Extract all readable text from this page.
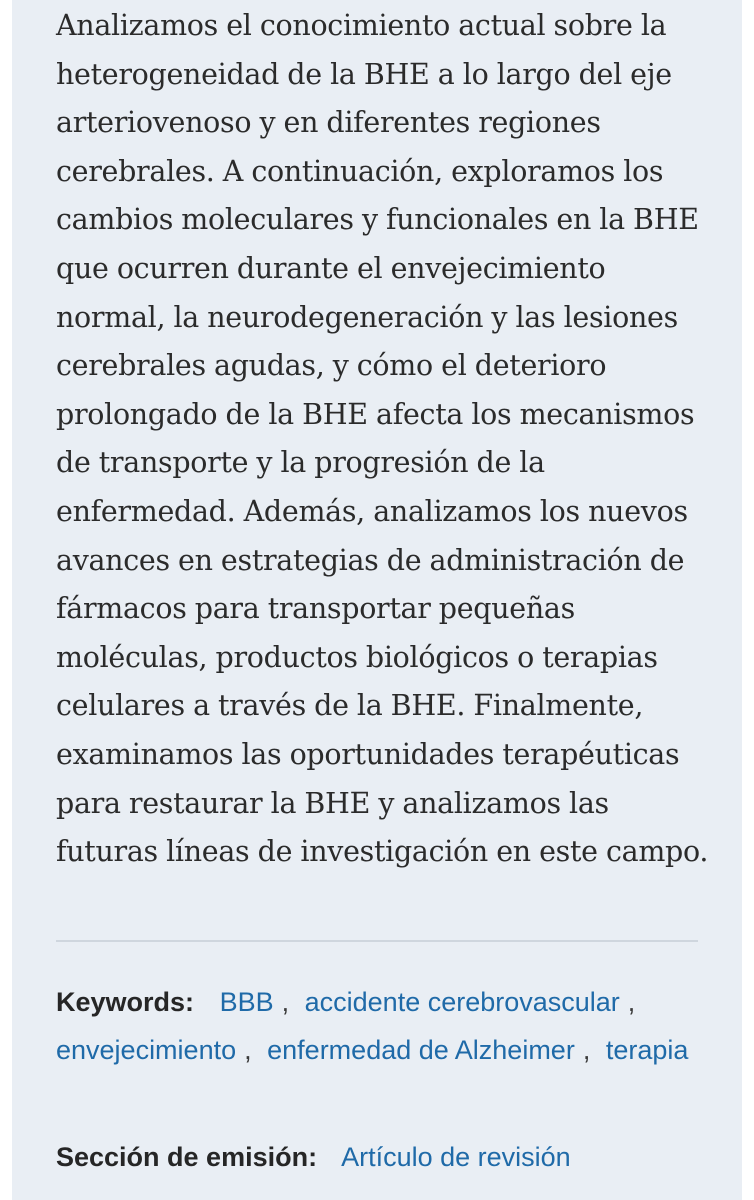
Analizamos el conocimiento actual sobre la heterogeneidad de la BHE a lo largo del eje arteriovenoso y en diferentes regiones cerebrales. A continuación, exploramos los cambios moleculares y funcionales en la BHE que ocurren durante el envejecimiento normal, la neurodegeneración y las lesiones cerebrales agudas, y cómo el deterioro prolongado de la BHE afecta los mecanismos de transporte y la progresión de la enfermedad. Además, analizamos los nuevos avances en estrategias de administración de fármacos para transportar pequeñas moléculas, productos biológicos o terapias celulares a través de la BHE. Finalmente, examinamos las oportunidades terapéuticas para restaurar la BHE y analizamos las futuras líneas de investigación en este campo.

Keywords: BBB , accidente cerebrovascular , envejecimiento , enfermedad de Alzheimer , terapia
Sección de emisión: Artículo de revisión
